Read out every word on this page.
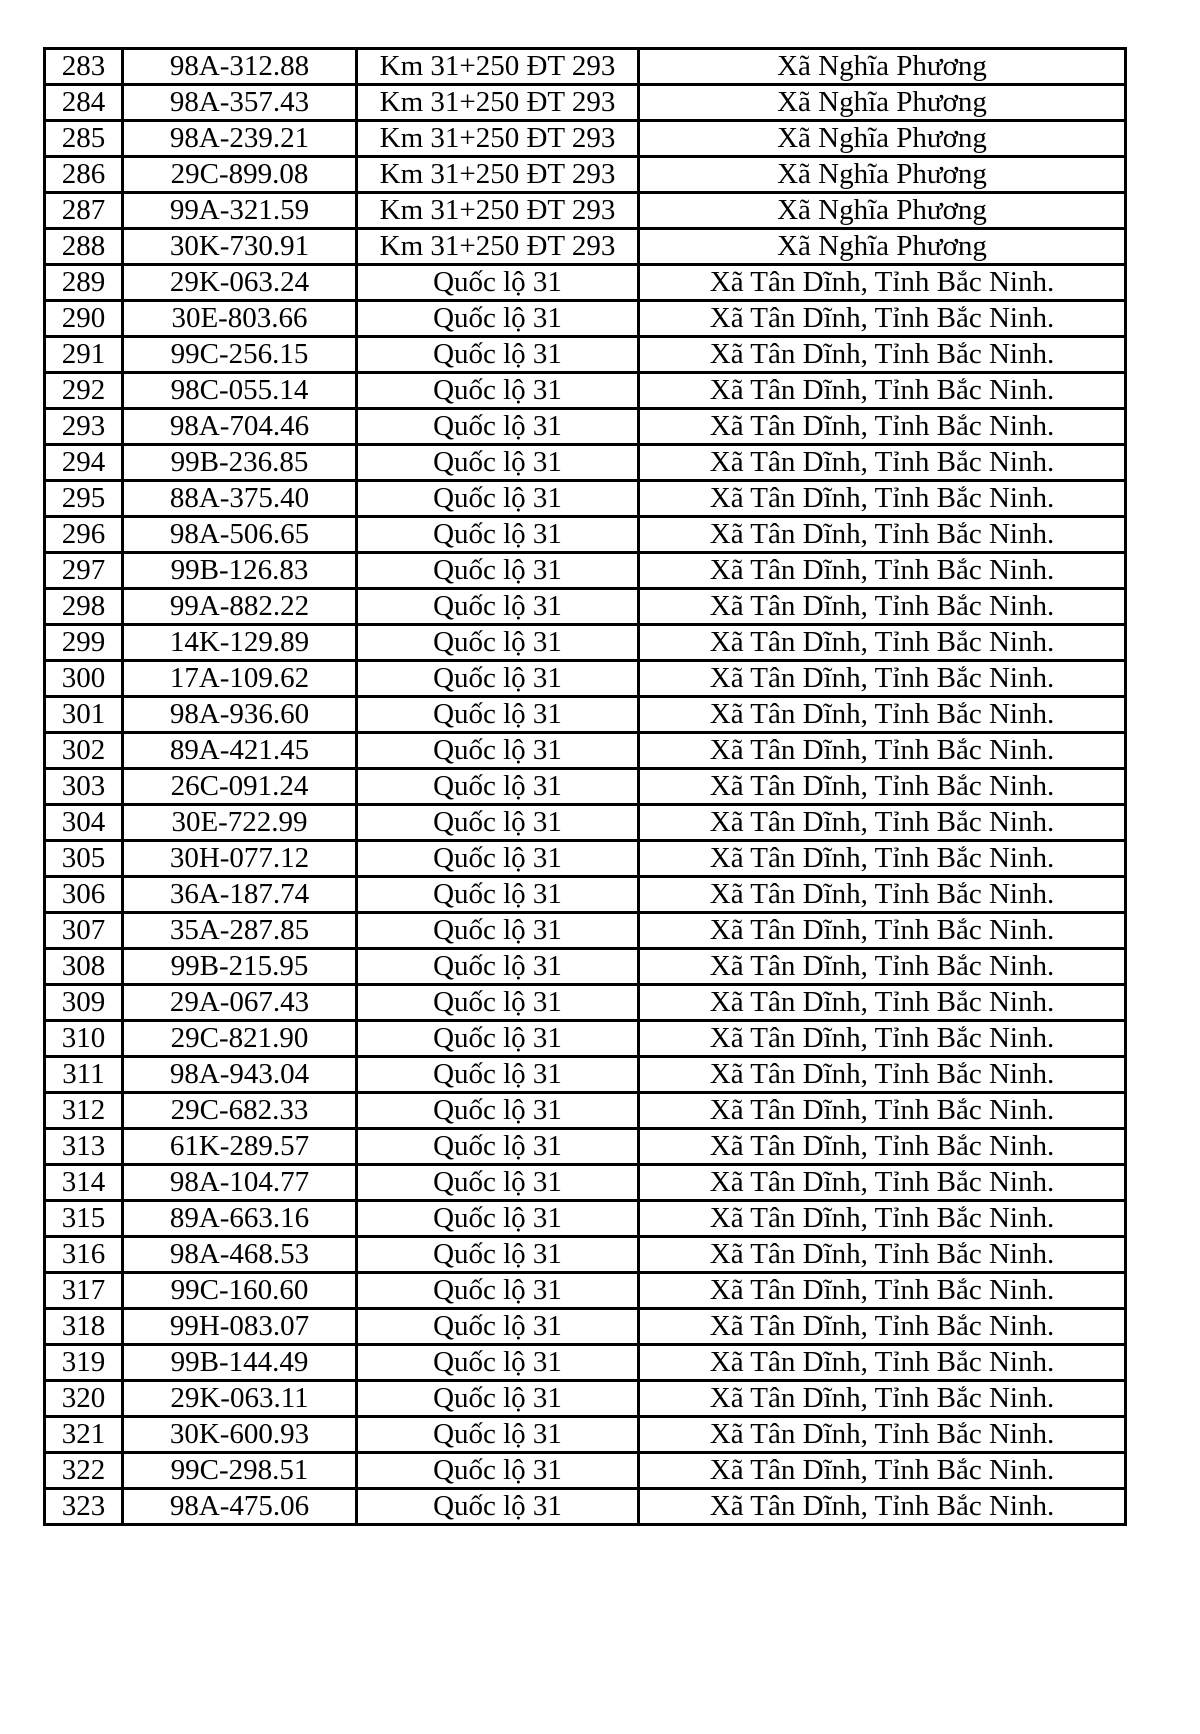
283	98A-312.88	Km 31+250 ĐT 293	Xã Nghĩa Phương
284	98A-357.43	Km 31+250 ĐT 293	Xã Nghĩa Phương
285	98A-239.21	Km 31+250 ĐT 293	Xã Nghĩa Phương
286	29C-899.08	Km 31+250 ĐT 293	Xã Nghĩa Phương
287	99A-321.59	Km 31+250 ĐT 293	Xã Nghĩa Phương
288	30K-730.91	Km 31+250 ĐT 293	Xã Nghĩa Phương
289	29K-063.24	Quốc lộ 31	Xã Tân Dĩnh, Tỉnh Bắc Ninh.
290	30E-803.66	Quốc lộ 31	Xã Tân Dĩnh, Tỉnh Bắc Ninh.
291	99C-256.15	Quốc lộ 31	Xã Tân Dĩnh, Tỉnh Bắc Ninh.
292	98C-055.14	Quốc lộ 31	Xã Tân Dĩnh, Tỉnh Bắc Ninh.
293	98A-704.46	Quốc lộ 31	Xã Tân Dĩnh, Tỉnh Bắc Ninh.
294	99B-236.85	Quốc lộ 31	Xã Tân Dĩnh, Tỉnh Bắc Ninh.
295	88A-375.40	Quốc lộ 31	Xã Tân Dĩnh, Tỉnh Bắc Ninh.
296	98A-506.65	Quốc lộ 31	Xã Tân Dĩnh, Tỉnh Bắc Ninh.
297	99B-126.83	Quốc lộ 31	Xã Tân Dĩnh, Tỉnh Bắc Ninh.
298	99A-882.22	Quốc lộ 31	Xã Tân Dĩnh, Tỉnh Bắc Ninh.
299	14K-129.89	Quốc lộ 31	Xã Tân Dĩnh, Tỉnh Bắc Ninh.
300	17A-109.62	Quốc lộ 31	Xã Tân Dĩnh, Tỉnh Bắc Ninh.
301	98A-936.60	Quốc lộ 31	Xã Tân Dĩnh, Tỉnh Bắc Ninh.
302	89A-421.45	Quốc lộ 31	Xã Tân Dĩnh, Tỉnh Bắc Ninh.
303	26C-091.24	Quốc lộ 31	Xã Tân Dĩnh, Tỉnh Bắc Ninh.
304	30E-722.99	Quốc lộ 31	Xã Tân Dĩnh, Tỉnh Bắc Ninh.
305	30H-077.12	Quốc lộ 31	Xã Tân Dĩnh, Tỉnh Bắc Ninh.
306	36A-187.74	Quốc lộ 31	Xã Tân Dĩnh, Tỉnh Bắc Ninh.
307	35A-287.85	Quốc lộ 31	Xã Tân Dĩnh, Tỉnh Bắc Ninh.
308	99B-215.95	Quốc lộ 31	Xã Tân Dĩnh, Tỉnh Bắc Ninh.
309	29A-067.43	Quốc lộ 31	Xã Tân Dĩnh, Tỉnh Bắc Ninh.
310	29C-821.90	Quốc lộ 31	Xã Tân Dĩnh, Tỉnh Bắc Ninh.
311	98A-943.04	Quốc lộ 31	Xã Tân Dĩnh, Tỉnh Bắc Ninh.
312	29C-682.33	Quốc lộ 31	Xã Tân Dĩnh, Tỉnh Bắc Ninh.
313	61K-289.57	Quốc lộ 31	Xã Tân Dĩnh, Tỉnh Bắc Ninh.
314	98A-104.77	Quốc lộ 31	Xã Tân Dĩnh, Tỉnh Bắc Ninh.
315	89A-663.16	Quốc lộ 31	Xã Tân Dĩnh, Tỉnh Bắc Ninh.
316	98A-468.53	Quốc lộ 31	Xã Tân Dĩnh, Tỉnh Bắc Ninh.
317	99C-160.60	Quốc lộ 31	Xã Tân Dĩnh, Tỉnh Bắc Ninh.
318	99H-083.07	Quốc lộ 31	Xã Tân Dĩnh, Tỉnh Bắc Ninh.
319	99B-144.49	Quốc lộ 31	Xã Tân Dĩnh, Tỉnh Bắc Ninh.
320	29K-063.11	Quốc lộ 31	Xã Tân Dĩnh, Tỉnh Bắc Ninh.
321	30K-600.93	Quốc lộ 31	Xã Tân Dĩnh, Tỉnh Bắc Ninh.
322	99C-298.51	Quốc lộ 31	Xã Tân Dĩnh, Tỉnh Bắc Ninh.
323	98A-475.06	Quốc lộ 31	Xã Tân Dĩnh, Tỉnh Bắc Ninh.
